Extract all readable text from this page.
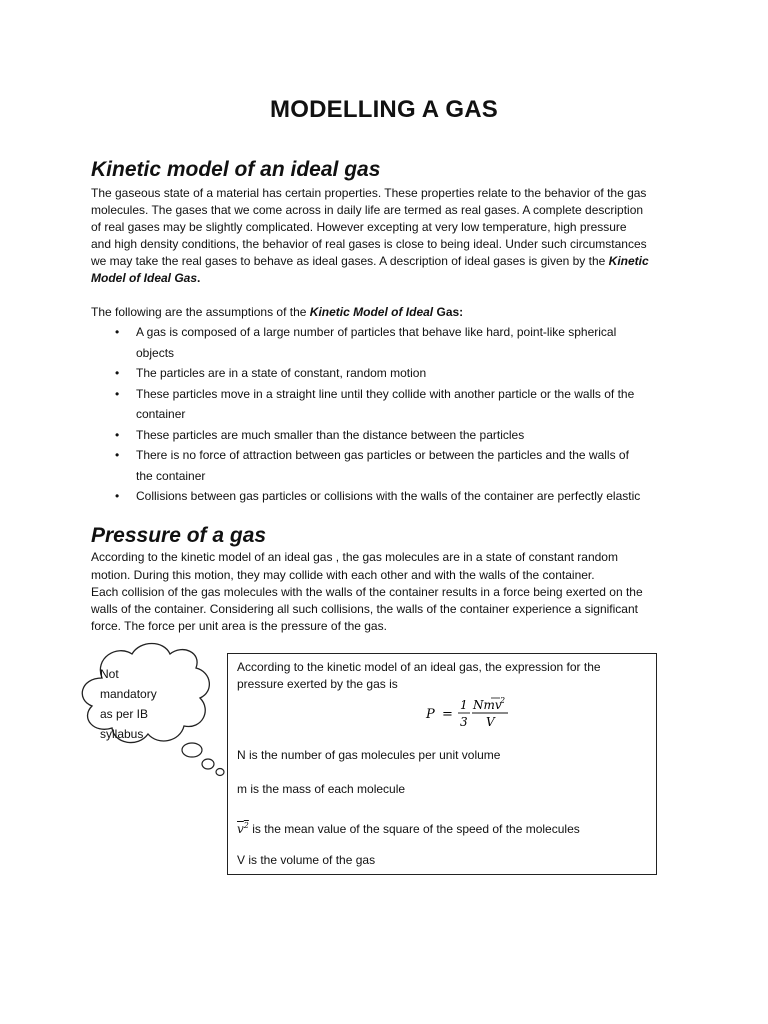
MODELLING A GAS
Kinetic model of an ideal gas
The gaseous state of a material has certain properties. These properties relate to the behavior of the gas
molecules. The gases that we come across in daily life are termed as real gases. A complete description
of real gases may be slightly complicated. However excepting at very low temperature, high pressure
and high density conditions, the behavior of real gases is close to being ideal. Under such circumstances
we may take the real gases to behave as ideal gases. A description of ideal gases is given by the Kinetic
Model of Ideal Gas.
The following are the assumptions of the Kinetic Model of Ideal Gas:
• A gas is composed of a large number of particles that behave like hard, point-like spherical
objects
• The particles are in a state of constant, random motion
• These particles move in a straight line until they collide with another particle or the walls of the
container
• These particles are much smaller than the distance between the particles
• There is no force of attraction between gas particles or between the particles and the walls of
the container
• Collisions between gas particles or collisions with the walls of the container are perfectly elastic
Pressure of a gas
According to the kinetic model of an ideal gas , the gas molecules are in a state of constant random
motion. During this motion, they may collide with each other and with the walls of the container.
Each collision of the gas molecules with the walls of the container results in a force being exerted on the
walls of the container. Considering all such collisions, the walls of the container experience a significant
force. The force per unit area is the pressure of the gas.
Not
mandatory
as per IB
syllabus
According to the kinetic model of an ideal gas, the expression for the
pressure exerted by the gas is
P =
1
3
Nmv
2
V
N is the number of gas molecules per unit volume
m is the mass of each molecule
$v^2$ is the mean value of the square of the speed of the molecules
V is the volume of the gas
